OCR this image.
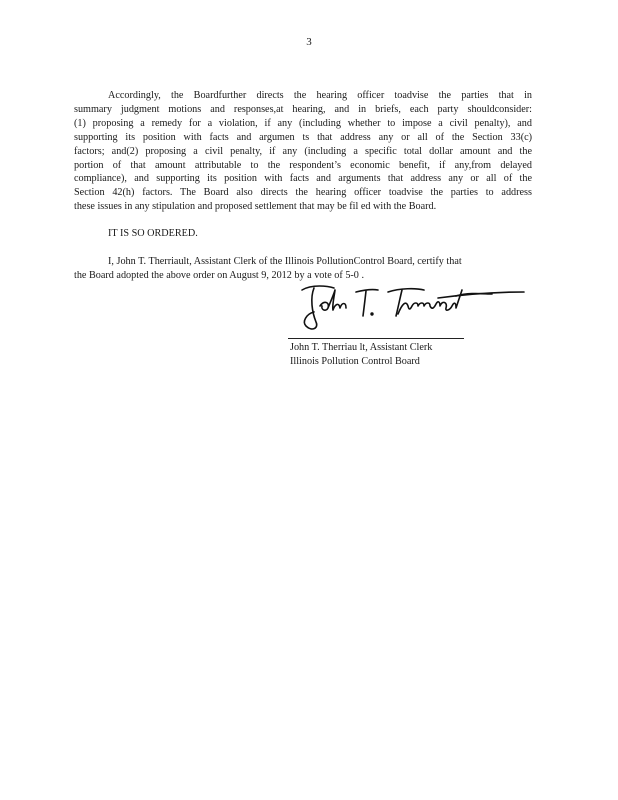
3
Accordingly, the Boardfurther directs the hearing officer toadvise the parties that in
summary judgment motions and responses,at hearing, and in briefs, each party shouldconsider:
(1) proposing a remedy for a violation, if any (including whether to impose a civil penalty), and
supporting its position with facts and argumen ts that address any or all of the Section 33(c)
factors; and(2) proposing a civil penalty, if any (including a specific total dollar amount and the
portion of that amount attributable to the respondent’s economic benefit, if any,from delayed
compliance), and supporting its position with facts and arguments that address any or all of the
Section 42(h) factors. The Board also directs the hearing officer toadvise the parties to address
these issues in any stipulation and proposed settlement that may be fil ed with the Board.
IT IS SO ORDERED.
I, John T. Therriault, Assistant Clerk of the Illinois PollutionControl Board, certify that
the Board adopted the above order on August 9, 2012 by a vote of 5-0 .
John T. Therriau lt, Assistant Clerk
Illinois Pollution Control Board
